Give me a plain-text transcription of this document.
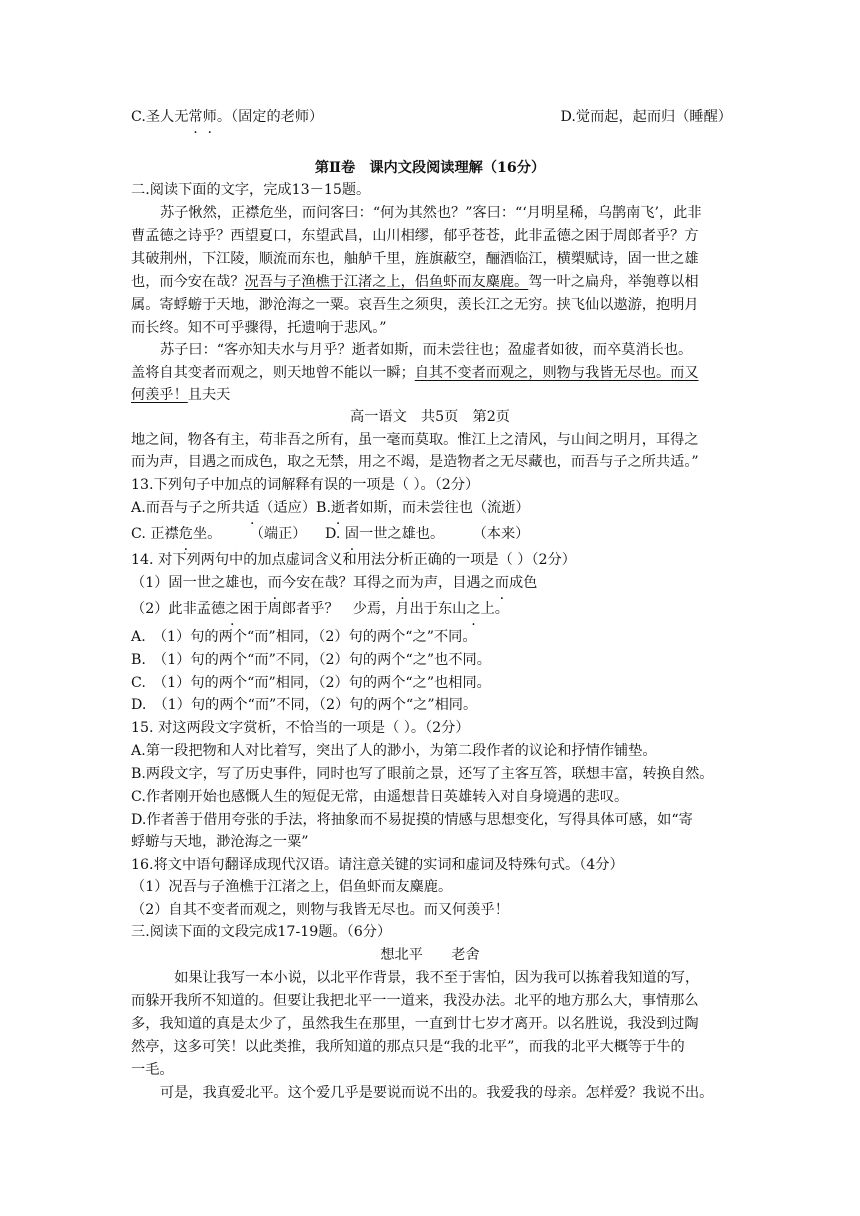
C.圣人无常师。（固定的老师）	D.觉而起，起而归（睡醒）
第Ⅱ卷　课内文段阅读理解（16分）
二.阅读下面的文字，完成13－15题。
苏子愀然，正襟危坐，而问客曰：“何为其然也？”客曰：“‘月明星稀，乌鹊南飞’，此非
曹孟德之诗乎？西望夏口，东望武昌，山川相缪，郁乎苍苍，此非孟德之困于周郎者乎？方
其破荆州，下江陵，顺流而东也，舳舻千里，旌旗蔽空，酾酒临江，横槊赋诗，固一世之雄
也，而今安在哉？况吾与子渔樵于江渚之上，侣鱼虾而友麋鹿。驾一叶之扁舟，举匏尊以相
属。寄蜉蝣于天地，渺沧海之一粟。哀吾生之须臾，羡长江之无穷。挟飞仙以遨游，抱明月
而长终。知不可乎骤得，托遗响于悲风。”
苏子曰：“客亦知夫水与月乎？逝者如斯，而未尝往也；盈虚者如彼，而卒莫消长也。
盖将自其变者而观之，则天地曾不能以一瞬；自其不变者而观之，则物与我皆无尽也。而又
何羡乎！且夫天
高一语文　共5页　第2页
地之间，物各有主，苟非吾之所有，虽一毫而莫取。惟江上之清风，与山间之明月，耳得之
而为声，目遇之而成色，取之无禁，用之不竭，是造物者之无尽藏也，而吾与子之所共适。”
13.下列句子中加点的词解释有误的一项是（ ）。（2分）
A.而吾与子之所共适（适应）B.逝者如斯，而未尝往也（流逝）
C. 正襟危坐。　　　（端正） D. 固一世之雄也。　　　（本来）
14. 对下列两句中的加点虚词含义和用法分析正确的一项是（ ）（2分）
（1）固一世之雄也，而今安在哉？耳得之而为声，目遇之而成色
（2）此非孟德之困于周郎者乎？　少焉，月出于东山之上。
A.　（1）句的两个“而”相同，（2）句的两个“之”不同。
B.　（1）句的两个“而”不同，（2）句的两个“之”也不同。
C.　（1）句的两个“而”相同，（2）句的两个“之”也相同。
D.　（1）句的两个“而”不同，（2）句的两个“之”相同。
15. 对这两段文字赏析，不恰当的一项是（ ）。（2分）
A.第一段把物和人对比着写，突出了人的渺小，为第二段作者的议论和抒情作铺垫。
B.两段文字，写了历史事件，同时也写了眼前之景，还写了主客互答，联想丰富，转换自然。
C.作者刚开始也感慨人生的短促无常，由遥想昔日英雄转入对自身境遇的悲叹。
D.作者善于借用夸张的手法，将抽象而不易捉摸的情感与思想变化，写得具体可感，如“寄
蜉蝣与天地，渺沧海之一粟”
16.将文中语句翻译成现代汉语。请注意关键的实词和虚词及特殊句式。（4分）
（1）况吾与子渔樵于江渚之上，侣鱼虾而友麋鹿。
（2）自其不变者而观之，则物与我皆无尽也。而又何羡乎！
三.阅读下面的文段完成17-19题。（6分）
想北平　　老舍
　如果让我写一本小说，以北平作背景，我不至于害怕，因为我可以拣着我知道的写，
而躲开我所不知道的。但要让我把北平一一道来，我没办法。北平的地方那么大，事情那么
多，我知道的真是太少了，虽然我生在那里，一直到廿七岁才离开。以名胜说，我没到过陶
然亭，这多可笑！以此类推，我所知道的那点只是“我的北平”，而我的北平大概等于牛的
一毛。
可是，我真爱北平。这个爱几乎是要说而说不出的。我爱我的母亲。怎样爱？我说不出。
